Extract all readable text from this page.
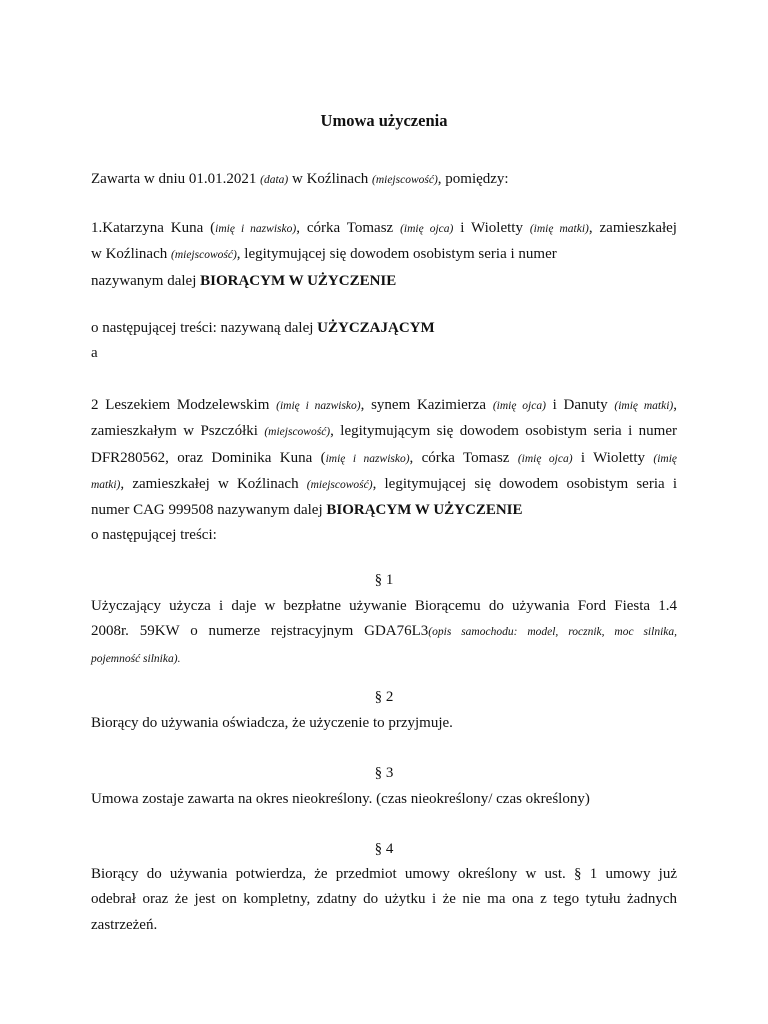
Umowa użyczenia
Zawarta w dniu 01.01.2021 (data) w Koźlinach (miejscowość), pomiędzy:
1.Katarzyna Kuna (imię i nazwisko), córka Tomasz (imię ojca) i Wioletty (imię matki), zamieszkałej
w Koźlinach (miejscowość), legitymującej się dowodem osobistym seria i numer
nazywanym dalej BIORĄCYM W UŻYCZENIE
o następującej treści: nazywaną dalej UŻYCZAJĄCYM
a
2 Leszekiem Modzelewskim (imię i nazwisko), synem Kazimierza (imię ojca) i Danuty (imię matki),
zamieszkałym w Pszczółki (miejscowość), legitymującym się dowodem osobistym seria i numer
DFR280562, oraz Dominika Kuna (imię i nazwisko), córka Tomasz (imię ojca) i Wioletty (imię
matki), zamieszkałej w Koźlinach (miejscowość), legitymującej się dowodem osobistym seria i
numer CAG 999508 nazywanym dalej BIORĄCYM W UŻYCZENIE
o następującej treści:
§ 1
Użyczający użycza i daje w bezpłatne używanie Biorącemu do używania Ford Fiesta 1.4
2008r. 59KW o numerze rejstracyjnym GDA76L3(opis samochodu: model, rocznik, moc silnika,
pojemność silnika).
§ 2
Biorący do używania oświadcza, że użyczenie to przyjmuje.
§ 3
Umowa zostaje zawarta na okres nieokreślony. (czas nieokreślony/ czas określony)
§ 4
Biorący do używania potwierdza, że przedmiot umowy określony w ust. § 1 umowy już
odebrał oraz że jest on kompletny, zdatny do użytku i że nie ma ona z tego tytułu żadnych
zastrzeżeń.
